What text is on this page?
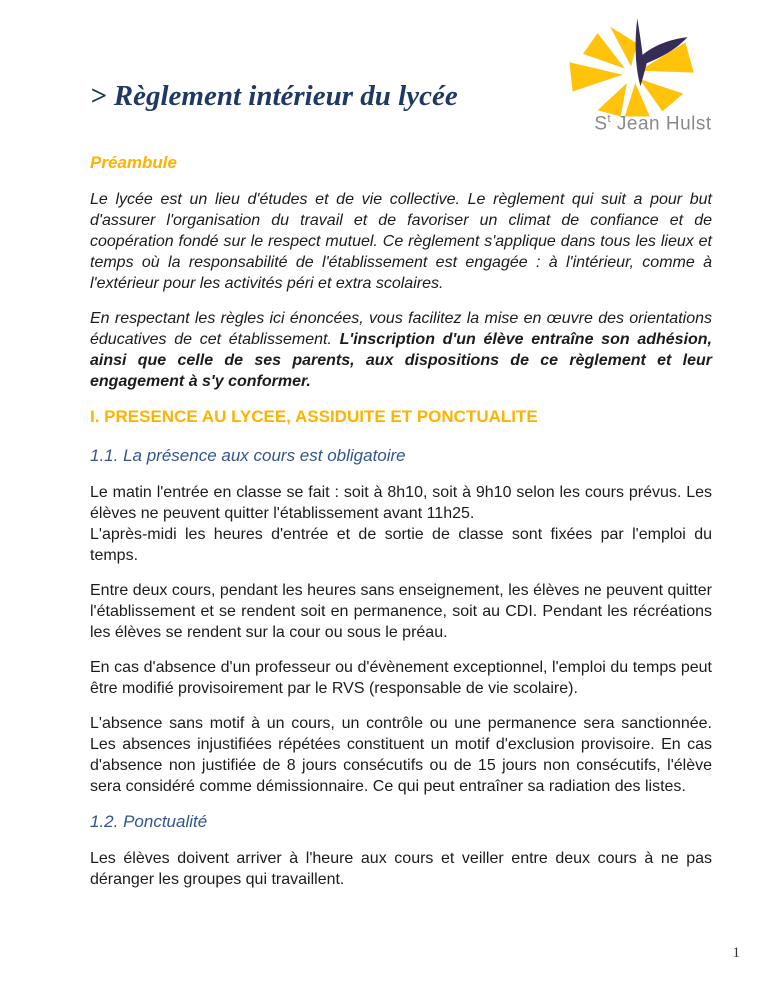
> Règlement intérieur du lycée
$S^t$ Jean Hulst
Préambule

Le lycée est un lieu d'études et de vie collective. Le règlement qui suit a pour but d'assurer l'organisation du travail et de favoriser un climat de confiance et de coopération fondé sur le respect mutuel. Ce règlement s'applique dans tous les lieux et temps où la responsabilité de l'établissement est engagée : à l'intérieur, comme à l'extérieur pour les activités péri et extra scolaires.

En respectant les règles ici énoncées, vous facilitez la mise en œuvre des orientations éducatives de cet établissement. L'inscription d'un élève entraîne son adhésion, ainsi que celle de ses parents, aux dispositions de ce règlement et leur engagement à s'y conformer.

I. PRESENCE AU LYCEE, ASSIDUITE ET PONCTUALITE
1.1. La présence aux cours est obligatoire
Le matin l'entrée en classe se fait : soit à 8h10, soit à 9h10 selon les cours prévus. Les élèves ne peuvent quitter l'établissement avant 11h25.
L'après-midi les heures d'entrée et de sortie de classe sont fixées par l'emploi du temps.

Entre deux cours, pendant les heures sans enseignement, les élèves ne peuvent quitter l'établissement et se rendent soit en permanence, soit au CDI. Pendant les récréations les élèves se rendent sur la cour ou sous le préau.

En cas d'absence d'un professeur ou d'évènement exceptionnel, l'emploi du temps peut être modifié provisoirement par le RVS (responsable de vie scolaire).

L'absence sans motif à un cours, un contrôle ou une permanence sera sanctionnée. Les absences injustifiées répétées constituent un motif d'exclusion provisoire. En cas d'absence non justifiée de 8 jours consécutifs ou de 15 jours non consécutifs, l'élève sera considéré comme démissionnaire. Ce qui peut entraîner sa radiation des listes.

1.2. Ponctualité

Les élèves doivent arriver à l'heure aux cours et veiller entre deux cours à ne pas déranger les groupes qui travaillent.

1
